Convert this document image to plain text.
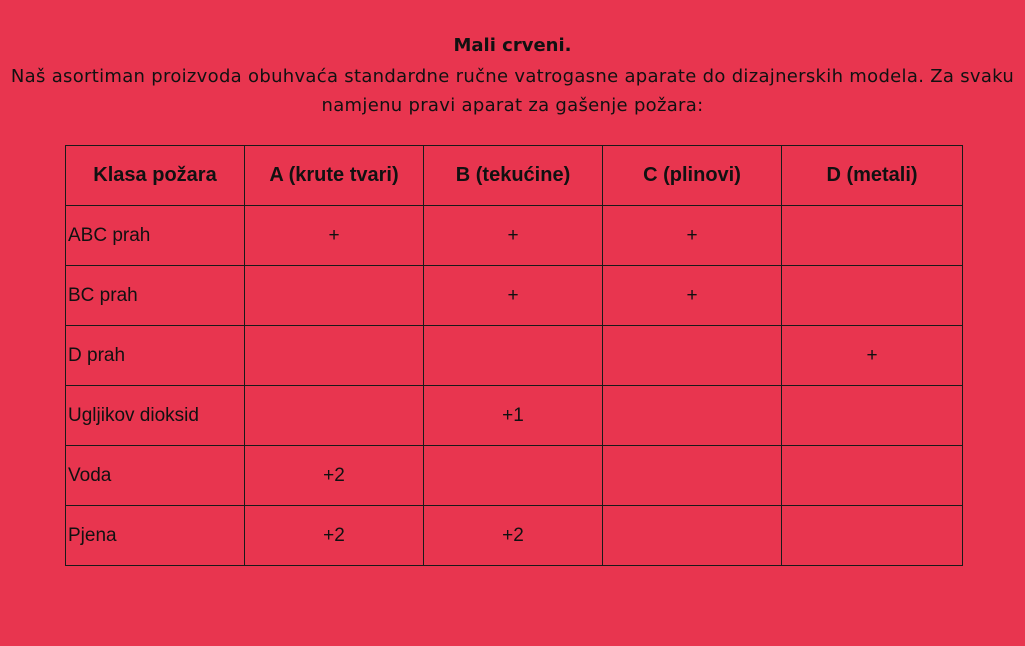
Mali crveni.
Naš asortiman proizvoda obuhvaća standardne ručne vatrogasne aparate do dizajnerskih modela. Za svaku namjenu pravi aparat za gašenje požara:
Klasa požara	A (krute tvari)	B (tekućine)	C (plinovi)	D (metali)
ABC prah	+	+	+	
BC prah		+	+	
D prah				+
Ugljikov dioksid		+1		
Voda	+2			
Pjena	+2	+2		
